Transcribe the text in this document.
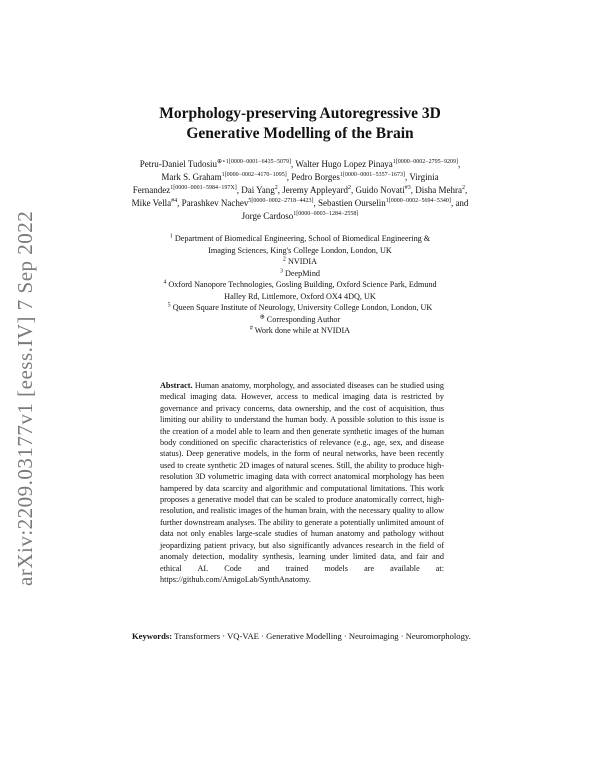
arXiv:2209.03177v1 [eess.IV] 7 Sep 2022
Morphology-preserving Autoregressive 3D
Generative Modelling of the Brain
Petru-Daniel Tudosiu$^{\oplus⋆1[0000-0001-6435-5079]}$, Walter Hugo Lopez Pinaya$^{1[0000-0002-2795-9209]}$, Mark S. Graham$^{1[0000-0002-4170-1095]}$, Pedro Borges$^{1[0000-0001-5357-1673]}$, Virginia Fernandez$^{1[0000-0001-5984-197X]}$, Dai Yang$^2$, Jeremy Appleyard$^2$, Guido Novati$^{\#3}$, Disha Mehra$^2$, Mike Vella$^{\#4}$, Parashkev Nachev$^{5[0000-0002-2718-4423]}$, Sebastien Ourselin$^{1[0000-0002-5694-5340]}$, and Jorge Cardoso$^{1[0000-0003-1284-2558]}$
$^1$ Department of Biomedical Engineering, School of Biomedical Engineering &
Imaging Sciences, King's College London, London, UK
$^2$ NVIDIA
$^3$ DeepMind
$^4$ Oxford Nanopore Technologies, Gosling Building, Oxford Science Park, Edmund
Halley Rd, Littlemore, Oxford OX4 4DQ, UK
$^5$ Queen Square Institute of Neurology, University College London, London, UK
⊕ Corresponding Author
# Work done while at NVIDIA
Abstract. Human anatomy, morphology, and associated diseases can be studied using medical imaging data. However, access to medical imaging data is restricted by governance and privacy concerns, data ownership, and the cost of acquisition, thus limiting our ability to understand the human body. A possible solution to this issue is the creation of a model able to learn and then generate synthetic images of the human body conditioned on specific characteristics of relevance (e.g., age, sex, and disease status). Deep generative models, in the form of neural networks, have been recently used to create synthetic 2D images of natural scenes. Still, the ability to produce high-resolution 3D volumetric imaging data with correct anatomical morphology has been hampered by data scarcity and algorithmic and computational limitations. This work proposes a generative model that can be scaled to produce anatomically correct, high-resolution, and realistic images of the human brain, with the necessary quality to allow further downstream analyses. The ability to generate a potentially unlimited amount of data not only enables large-scale studies of human anatomy and pathology without jeopardizing patient privacy, but also significantly advances research in the field of anomaly detection, modality synthesis, learning under limited data, and fair and ethical AI. Code and trained models are available at: https://github.com/AmigoLab/SynthAnatomy.
Keywords: Transformers · VQ-VAE · Generative Modelling · Neuroimaging · Neuromorphology.
